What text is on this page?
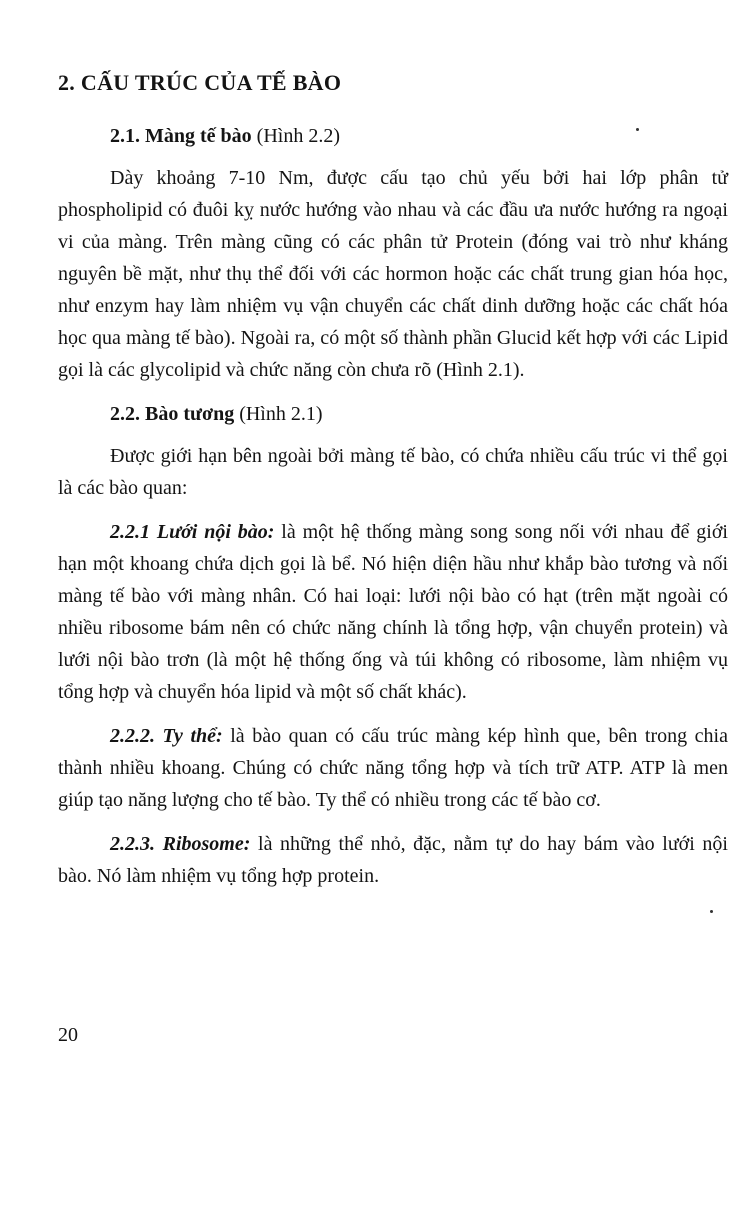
2. CẤU TRÚC CỦA TẾ BÀO
2.1. Màng tế bào (Hình 2.2)

Dày khoảng 7-10 Nm, được cấu tạo chủ yếu bởi hai lớp phân tử phospholipid có đuôi kỵ nước hướng vào nhau và các đầu ưa nước hướng ra ngoại vi của màng. Trên màng cũng có các phân tử Protein (đóng vai trò như kháng nguyên bề mặt, như thụ thể đối với các hormon hoặc các chất trung gian hóa học, như enzym hay làm nhiệm vụ vận chuyển các chất dinh dưỡng hoặc các chất hóa học qua màng tế bào). Ngoài ra, có một số thành phần Glucid kết hợp với các Lipid gọi là các glycolipid và chức năng còn chưa rõ (Hình 2.1).

2.2. Bào tương (Hình 2.1)

Được giới hạn bên ngoài bởi màng tế bào, có chứa nhiều cấu trúc vi thể gọi là các bào quan:

2.2.1 Lưới nội bào: là một hệ thống màng song song nối với nhau để giới hạn một khoang chứa dịch gọi là bể. Nó hiện diện hầu như khắp bào tương và nối màng tế bào với màng nhân. Có hai loại: lưới nội bào có hạt (trên mặt ngoài có nhiều ribosome bám nên có chức năng chính là tổng hợp, vận chuyển protein) và lưới nội bào trơn (là một hệ thống ống và túi không có ribosome, làm nhiệm vụ tổng hợp và chuyển hóa lipid và một số chất khác).

2.2.2. Ty thể: là bào quan có cấu trúc màng kép hình que, bên trong chia thành nhiều khoang. Chúng có chức năng tổng hợp và tích trữ ATP. ATP là men giúp tạo năng lượng cho tế bào. Ty thể có nhiều trong các tế bào cơ.

2.2.3. Ribosome: là những thể nhỏ, đặc, nằm tự do hay bám vào lưới nội bào. Nó làm nhiệm vụ tổng hợp protein.

20
